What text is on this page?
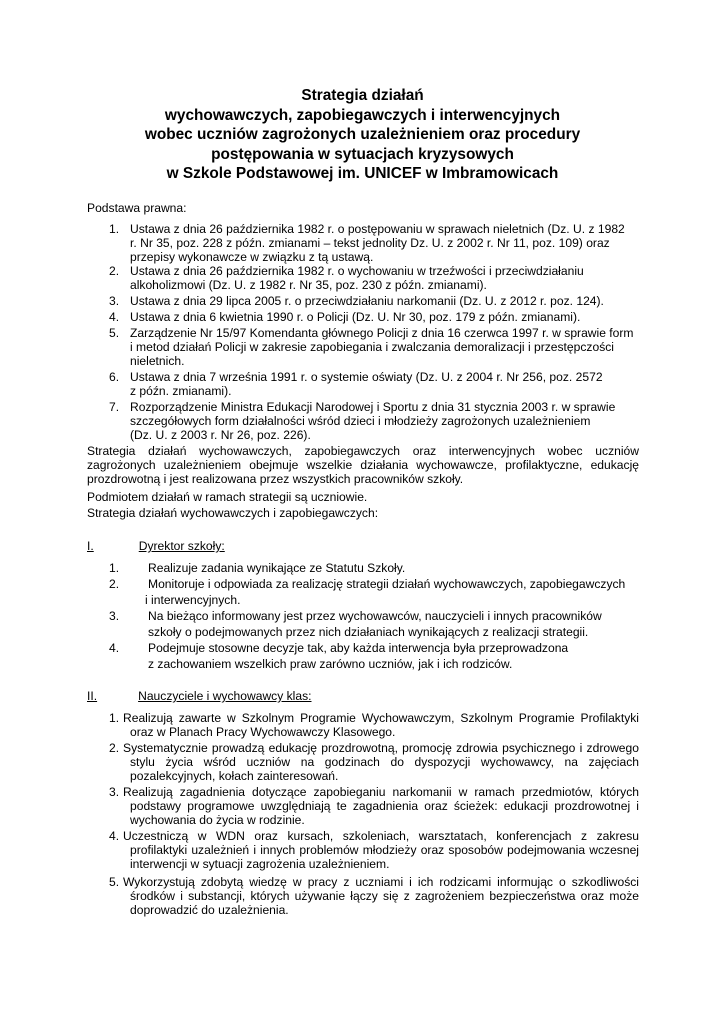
Strategia działań
wychowawczych, zapobiegawczych i interwencyjnych
wobec uczniów zagrożonych uzależnieniem oraz procedury
postępowania w sytuacjach kryzysowych
w Szkole Podstawowej im. UNICEF w Imbramowicach
Podstawa prawna:
1. Ustawa z dnia 26 października 1982 r. o postępowaniu w sprawach nieletnich (Dz. U. z 1982
r. Nr 35, poz. 228 z późn. zmianami – tekst jednolity Dz. U. z 2002 r. Nr 11, poz. 109) oraz
przepisy wykonawcze w związku z tą ustawą.
2. Ustawa z dnia 26 października 1982 r. o wychowaniu w trzeźwości i przeciwdziałaniu
alkoholizmowi (Dz. U. z 1982 r. Nr 35, poz. 230 z późn. zmianami).
3. Ustawa z dnia 29 lipca 2005 r. o przeciwdziałaniu narkomanii (Dz. U. z 2012 r. poz. 124).
4. Ustawa z dnia 6 kwietnia 1990 r. o Policji (Dz. U. Nr 30, poz. 179 z późn. zmianami).
5. Zarządzenie Nr 15/97 Komendanta głównego Policji z dnia 16 czerwca 1997 r. w sprawie form
i metod działań Policji w zakresie zapobiegania i zwalczania demoralizacji i przestępczości
nieletnich.
6. Ustawa z dnia 7 września 1991 r. o systemie oświaty (Dz. U. z 2004 r. Nr 256, poz. 2572
z późn. zmianami).
7. Rozporządzenie Ministra Edukacji Narodowej i Sportu z dnia 31 stycznia 2003 r. w sprawie
szczegółowych form działalności wśród dzieci i młodzieży zagrożonych uzależnieniem
(Dz. U. z 2003 r. Nr 26, poz. 226).
Strategia działań wychowawczych, zapobiegawczych oraz interwencyjnych wobec uczniów
zagrożonych uzależnieniem obejmuje wszelkie działania wychowawcze, profilaktyczne, edukację
prozdrowotną i jest realizowana przez wszystkich pracowników szkoły.
Podmiotem działań w ramach strategii są uczniowie.
Strategia działań wychowawczych i zapobiegawczych:
I.	Dyrektor szkoły:
1. Realizuje zadania wynikające ze Statutu Szkoły.
2. Monitoruje i odpowiada za realizację strategii działań wychowawczych, zapobiegawczych
i interwencyjnych.
3. Na bieżąco informowany jest przez wychowawców, nauczycieli i innych pracowników
szkoły o podejmowanych przez nich działaniach wynikających z realizacji strategii.
4. Podejmuje stosowne decyzje tak, aby każda interwencja była przeprowadzona
z zachowaniem wszelkich praw zarówno uczniów, jak i ich rodziców.
II.	Nauczyciele i wychowawcy klas:
1. Realizują zawarte w Szkolnym Programie Wychowawczym, Szkolnym Programie Profilaktyki
oraz w Planach Pracy Wychowawczy Klasowego.
2. Systematycznie prowadzą edukację prozdrowotną, promocję zdrowia psychicznego i zdrowego
stylu życia wśród uczniów na godzinach do dyspozycji wychowawcy, na zajęciach
pozalekcyjnych, kołach zainteresowań.
3. Realizują zagadnienia dotyczące zapobieganiu narkomanii w ramach przedmiotów, których
podstawy programowe uwzględniają te zagadnienia oraz ścieżek: edukacji prozdrowotnej i
wychowania do życia w rodzinie.
4. Uczestniczą w WDN oraz kursach, szkoleniach, warsztatach, konferencjach z zakresu
profilaktyki uzależnień i innych problemów młodzieży oraz sposobów podejmowania wczesnej
interwencji w sytuacji zagrożenia uzależnieniem.
5. Wykorzystują zdobytą wiedzę w pracy z uczniami i ich rodzicami informując o szkodliwości
środków i substancji, których używanie łączy się z zagrożeniem bezpieczeństwa oraz może
doprowadzić do uzależnienia.
